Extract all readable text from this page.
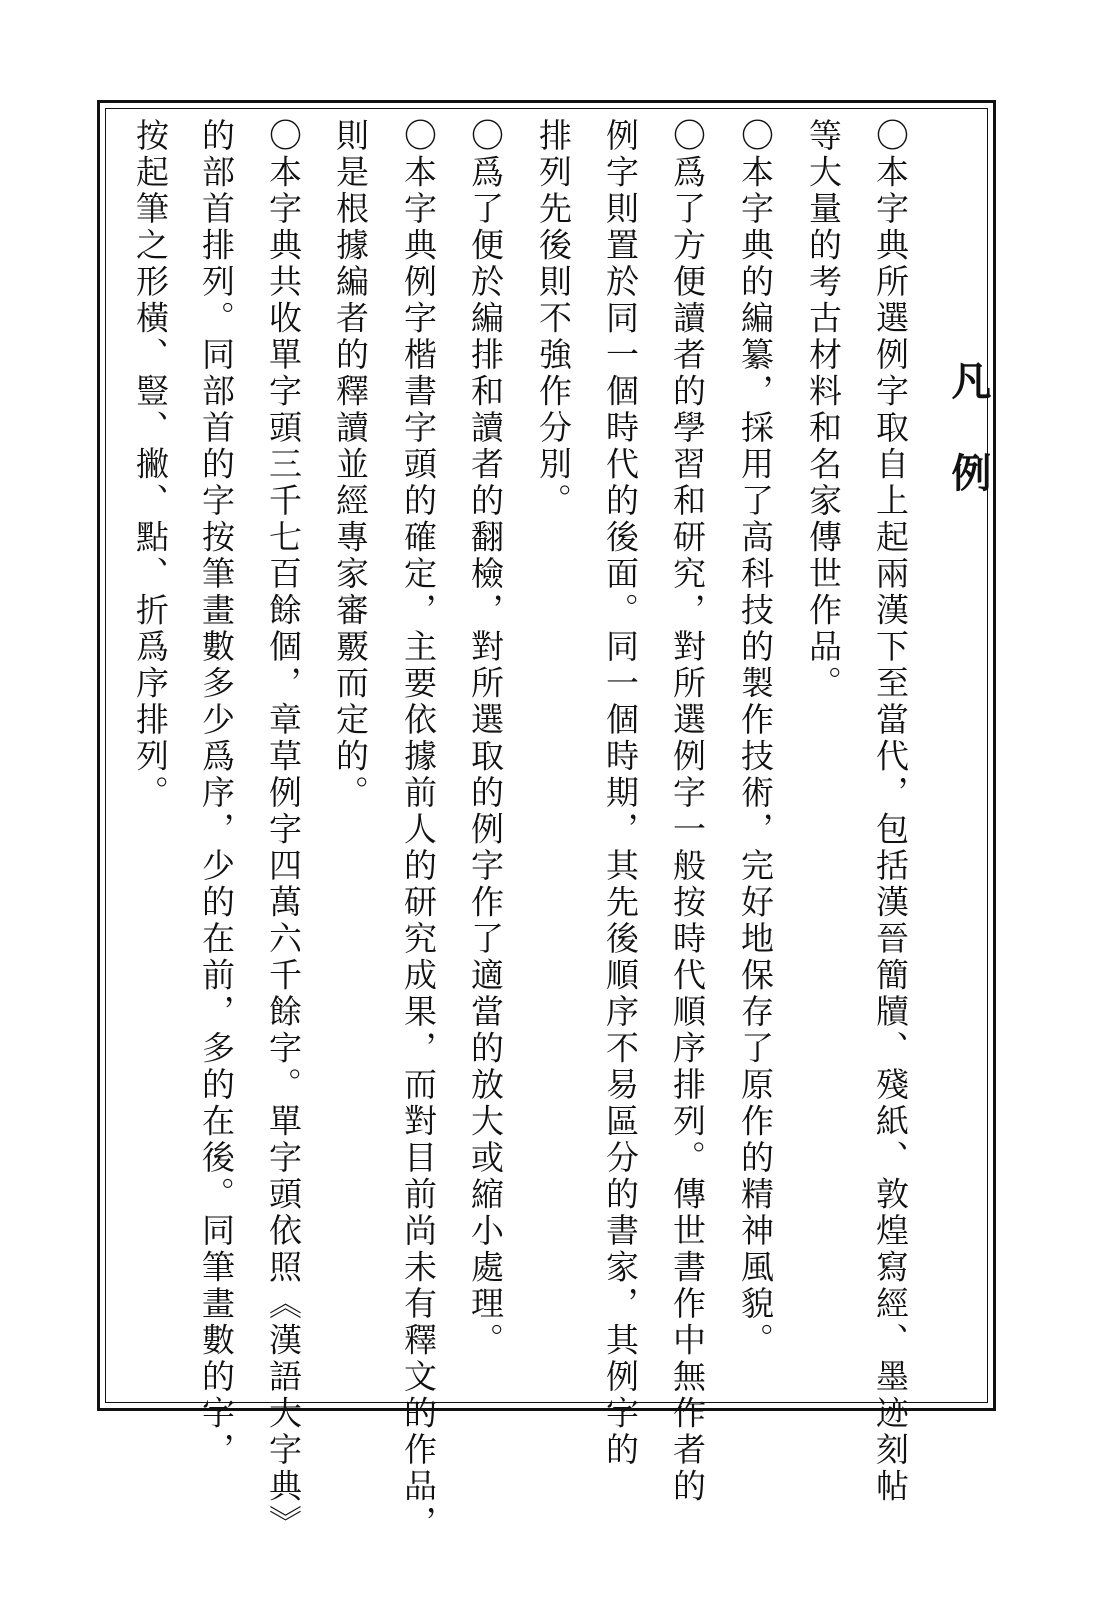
凡例

〇本字典所選例字取自上起兩漢下至當代，包括漢晉簡牘、殘紙、敦煌寫經、墨迹刻帖

等大量的考古材料和名家傳世作品。

〇本字典的編纂，採用了高科技的製作技術，完好地保存了原作的精神風貌。

〇爲了方便讀者的學習和研究，對所選例字一般按時代順序排列。傳世書作中無作者的

例字則置於同一個時代的後面。同一個時期，其先後順序不易區分的書家，其例字的

排列先後則不強作分別。

〇爲了便於編排和讀者的翻檢，對所選取的例字作了適當的放大或縮小處理。

〇本字典例字楷書字頭的確定，主要依據前人的研究成果，而對目前尚未有釋文的作品，

則是根據編者的釋讀並經專家審覈而定的。

〇本字典共收單字頭三千七百餘個，章草例字四萬六千餘字。單字頭依照《漢語大字典》

的部首排列。同部首的字按筆畫數多少爲序，少的在前，多的在後。同筆畫數的字，

按起筆之形橫、豎、撇、點、折爲序排列。
